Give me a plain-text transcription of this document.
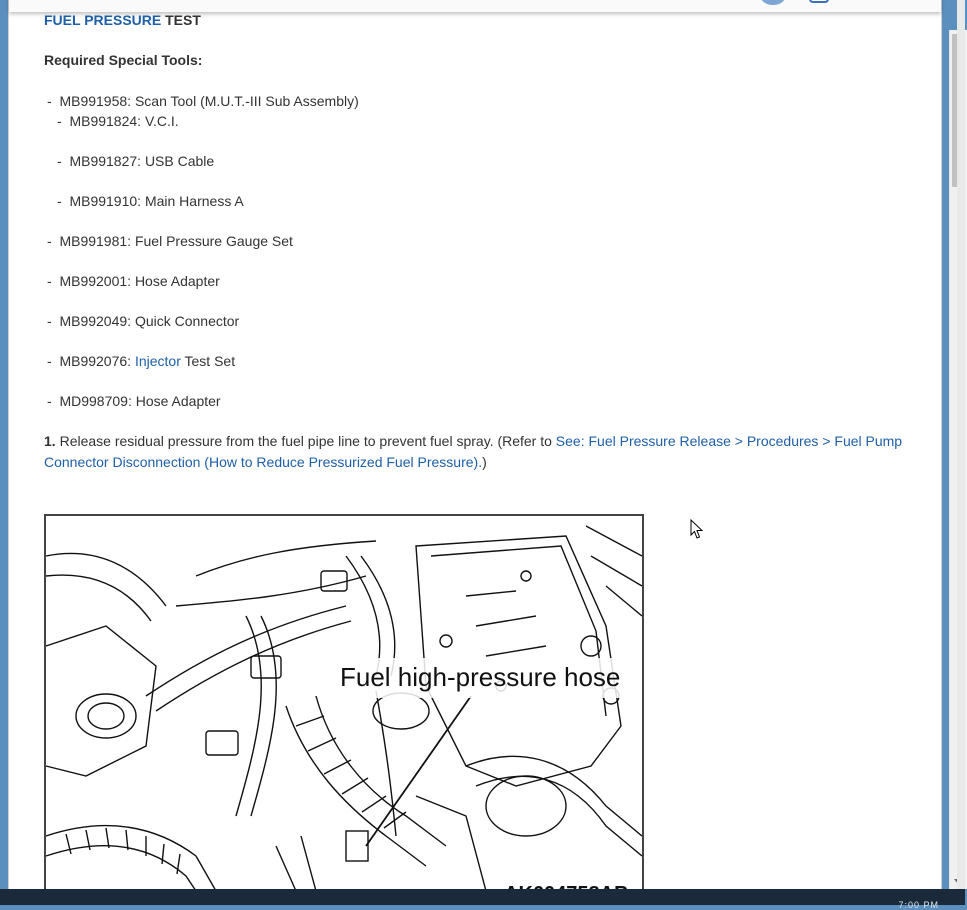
FUEL PRESSURE TEST
Required Special Tools:
-  MB991958: Scan Tool (M.U.T.-III Sub Assembly)
-  MB991824: V.C.I.
-  MB991827: USB Cable
-  MB991910: Main Harness A
-  MB991981: Fuel Pressure Gauge Set
-  MB992001: Hose Adapter
-  MB992049: Quick Connector
-  MB992076: Injector Test Set
-  MD998709: Hose Adapter
1. Release residual pressure from the fuel pipe line to prevent fuel spray. (Refer to See: Fuel Pressure Release > Procedures > Fuel Pump Connector Disconnection (How to Reduce Pressurized Fuel Pressure).)
Fuel high-pressure hose
7:00 PM
